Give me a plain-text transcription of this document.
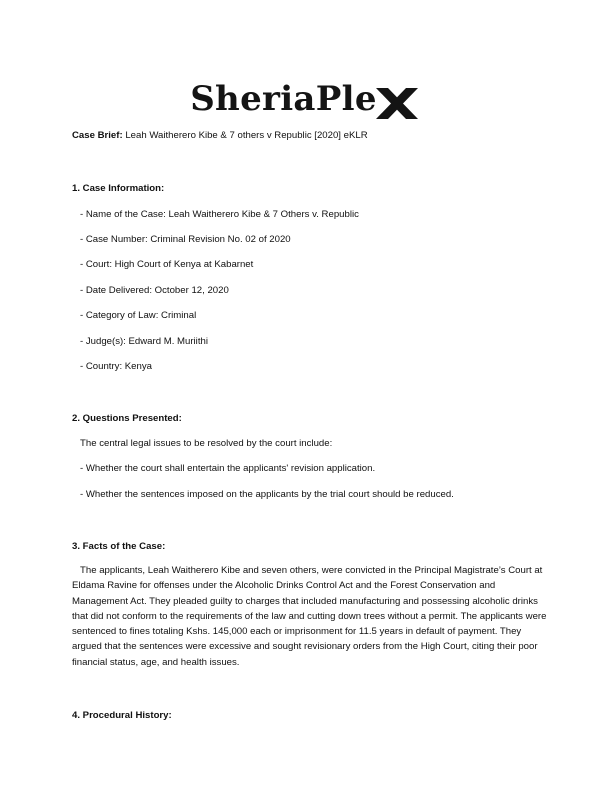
SheriaPle

Case Brief: Leah Waitherero Kibe & 7 others v Republic [2020] eKLR

1. Case Information:

- Name of the Case: Leah Waitherero Kibe & 7 Others v. Republic

- Case Number: Criminal Revision No. 02 of 2020

- Court: High Court of Kenya at Kabarnet

- Date Delivered: October 12, 2020

- Category of Law: Criminal

- Judge(s): Edward M. Muriithi

- Country: Kenya

2. Questions Presented:

The central legal issues to be resolved by the court include:

- Whether the court shall entertain the applicants' revision application.

- Whether the sentences imposed on the applicants by the trial court should be reduced.

3. Facts of the Case:

The applicants, Leah Waitherero Kibe and seven others, were convicted in the Principal Magistrate’s Court at Eldama Ravine for offenses under the Alcoholic Drinks Control Act and the Forest Conservation and Management Act. They pleaded guilty to charges that included manufacturing and possessing alcoholic drinks that did not conform to the requirements of the law and cutting down trees without a permit. The applicants were sentenced to fines totaling Kshs. 145,000 each or imprisonment for 11.5 years in default of payment. They argued that the sentences were excessive and sought revisionary orders from the High Court, citing their poor financial status, age, and health issues.

4. Procedural History:
